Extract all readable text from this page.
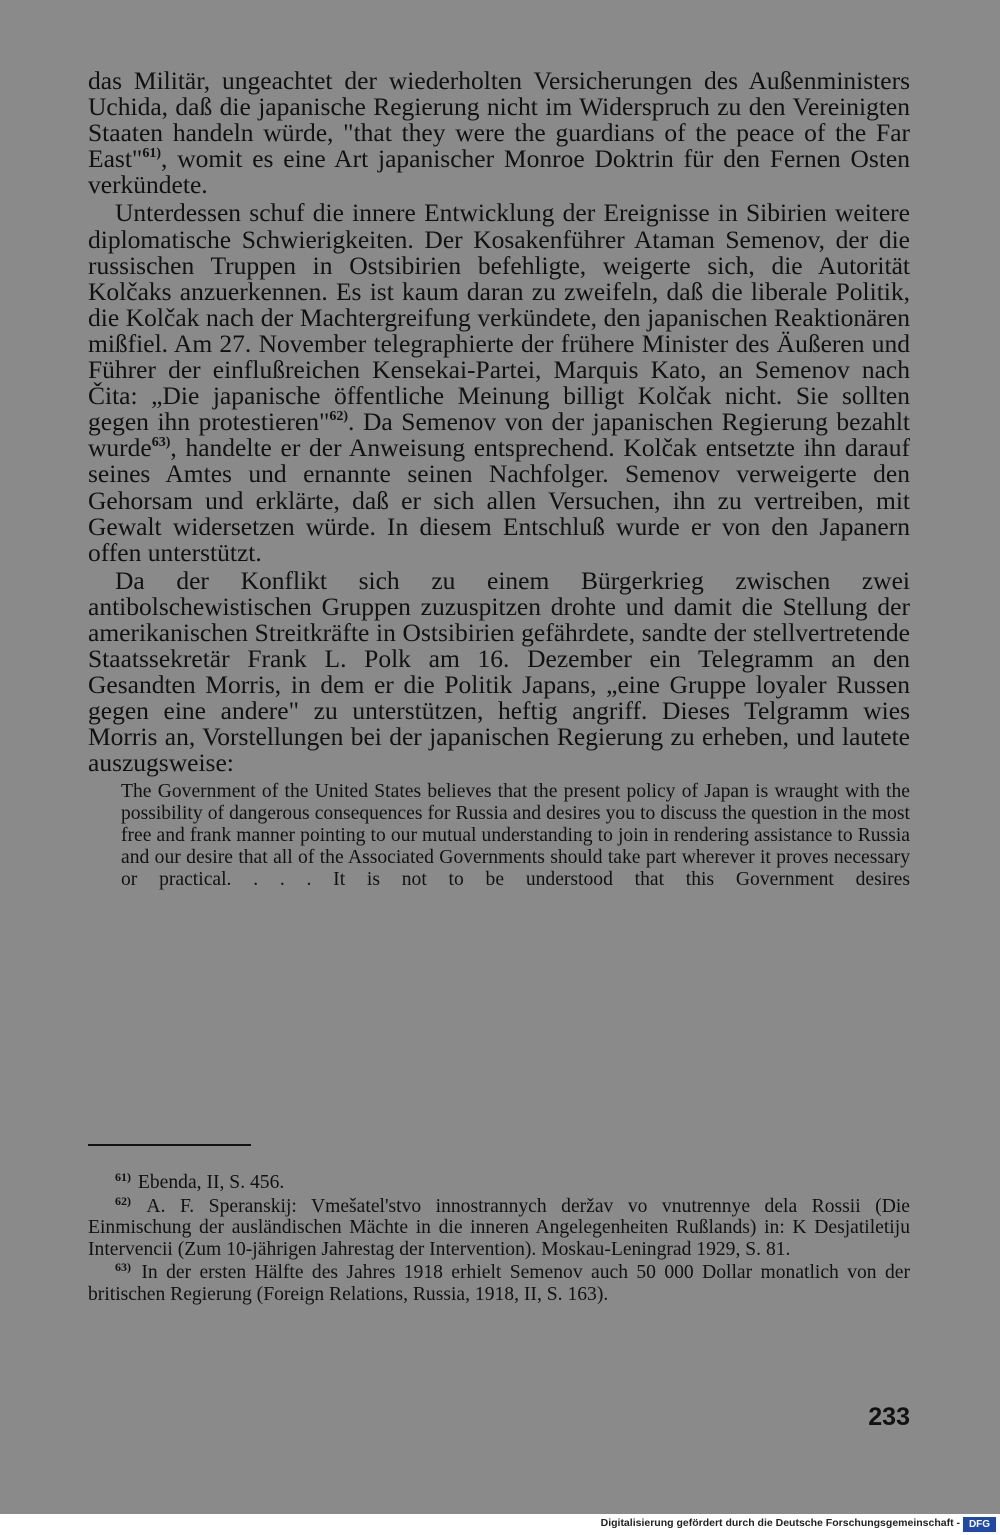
das Militär, ungeachtet der wiederholten Versicherungen des Außenministers Uchida, daß die japanische Regierung nicht im Widerspruch zu den Vereinigten Staaten handeln würde, "that they were the guardians of the peace of the Far East"$^{61)}$, womit es eine Art japanischer Monroe Doktrin für den Fernen Osten verkündete.

Unterdessen schuf die innere Entwicklung der Ereignisse in Sibirien weitere diplomatische Schwierigkeiten. Der Kosakenführer Ataman Semenov, der die russischen Truppen in Ostsibirien befehligte, weigerte sich, die Autorität Kolčaks anzuerkennen. Es ist kaum daran zu zweifeln, daß die liberale Politik, die Kolčak nach der Machtergreifung verkündete, den japanischen Reaktionären mißfiel. Am 27. November telegraphierte der frühere Minister des Äußeren und Führer der einflußreichen Kensekai-Partei, Marquis Kato, an Semenov nach Čita: „Die japanische öffentliche Meinung billigt Kolčak nicht. Sie sollten gegen ihn protestieren"$^{62)}$. Da Semenov von der japanischen Regierung bezahlt wurde$^{63)}$, handelte er der Anweisung entsprechend. Kolčak entsetzte ihn darauf seines Amtes und ernannte seinen Nachfolger. Semenov verweigerte den Gehorsam und erklärte, daß er sich allen Versuchen, ihn zu vertreiben, mit Gewalt widersetzen würde. In diesem Entschluß wurde er von den Japanern offen unterstützt.

Da der Konflikt sich zu einem Bürgerkrieg zwischen zwei antibolschewistischen Gruppen zuzuspitzen drohte und damit die Stellung der amerikanischen Streitkräfte in Ostsibirien gefährdete, sandte der stellvertretende Staatssekretär Frank L. Polk am 16. Dezember ein Telegramm an den Gesandten Morris, in dem er die Politik Japans, „eine Gruppe loyaler Russen gegen eine andere" zu unterstützen, heftig angriff. Dieses Telgramm wies Morris an, Vorstellungen bei der japanischen Regierung zu erheben, und lautete auszugsweise:

The Government of the United States believes that the present policy of Japan is wraught with the possibility of dangerous consequences for Russia and desires you to discuss the question in the most free and frank manner pointing to our mutual understanding to join in rendering assistance to Russia and our desire that all of the Associated Governments should take part wherever it proves necessary or practical. . . . It is not to be understood that this Government desires

$^{61)}$ Ebenda, II, S. 456.

$^{62)}$ A. F. Speranskij: Vmešatel'stvo innostrannych deržav vo vnutrennye dela Rossii (Die Einmischung der ausländischen Mächte in die inneren Angelegenheiten Rußlands) in: K Desjatiletiju Intervencii (Zum 10-jährigen Jahrestag der Intervention). Moskau-Leningrad 1929, S. 81.

$^{63)}$ In der ersten Hälfte des Jahres 1918 erhielt Semenov auch 50 000 Dollar monatlich von der britischen Regierung (Foreign Relations, Russia, 1918, II, S. 163).

233
Digitalisierung gefördert durch die Deutsche Forschungsgemeinschaft - DFG
